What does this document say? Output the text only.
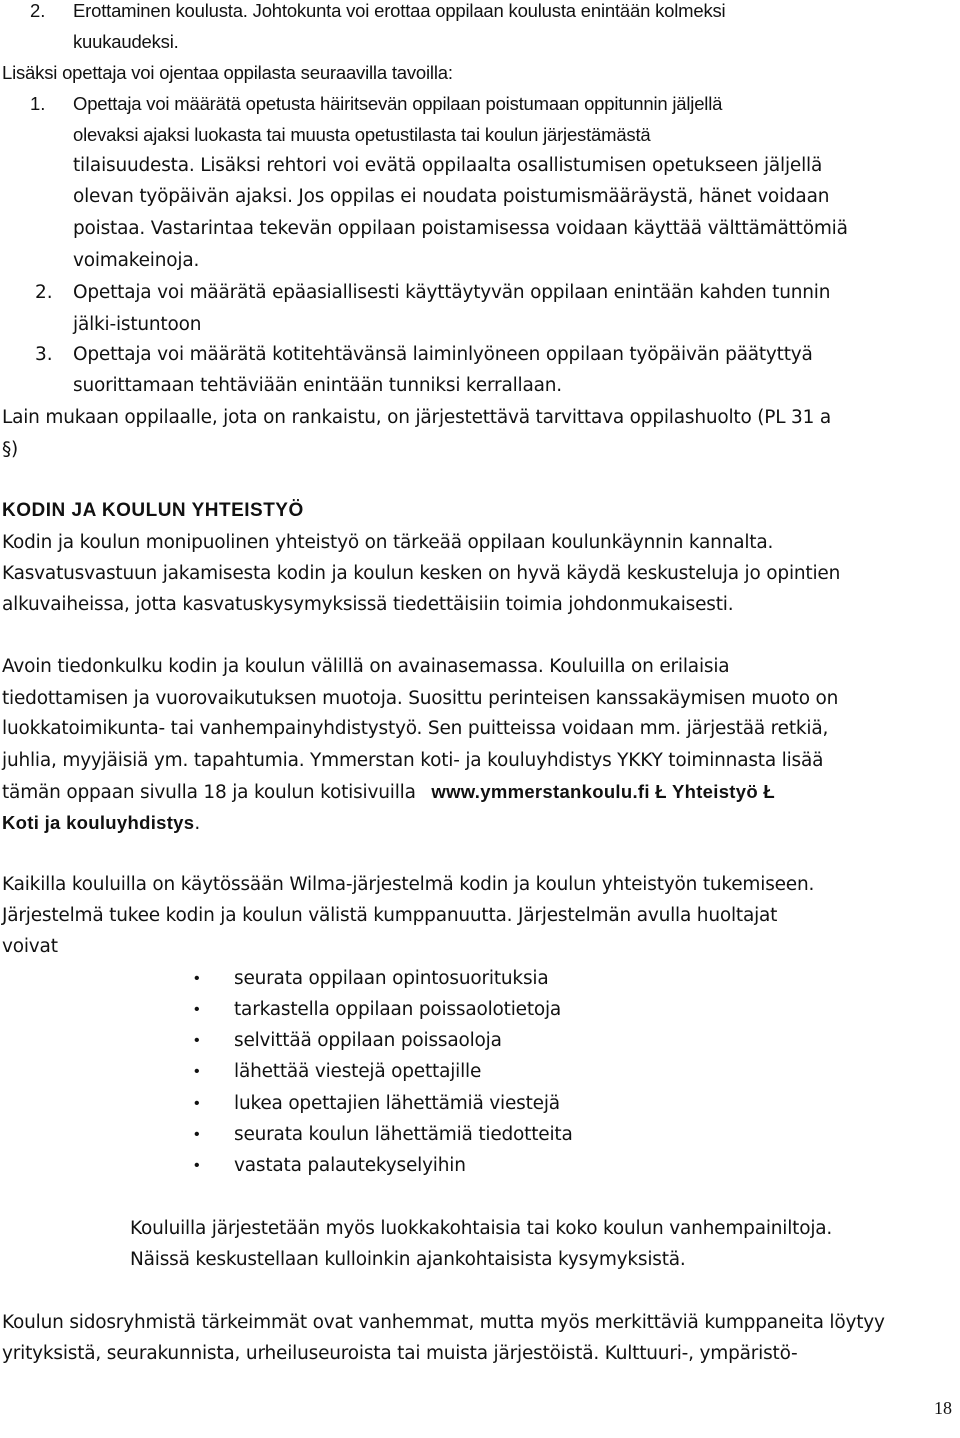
2. Erottaminen koulusta. Johtokunta voi erottaa oppilaan koulusta enintään kolmeksi
kuukaudeksi.
Lisäksi opettaja voi ojentaa oppilasta seuraavilla tavoilla:
1. Opettaja voi määrätä opetusta häiritsevän oppilaan poistumaan oppitunnin jäljellä
olevaksi ajaksi luokasta tai muusta opetustilasta tai koulun järjestämästä
tilaisuudesta. Lisäksi rehtori voi evätä oppilaalta osallistumisen opetukseen jäljellä
olevan työpäivän ajaksi. Jos oppilas ei noudata poistumismääräystä, hänet voidaan
poistaa. Vastarintaa tekevän oppilaan poistamisessa voidaan käyttää välttämättömiä
voimakeinoja.
2. Opettaja voi määrätä epäasiallisesti käyttäytyvän oppilaan enintään kahden tunnin
jälki-istuntoon
3. Opettaja voi määrätä kotitehtävänsä laiminlyöneen oppilaan työpäivän päätyttyä
suorittamaan tehtäviään enintään tunniksi kerrallaan.
Lain mukaan oppilaalle, jota on rankaistu, on järjestettävä tarvittava oppilashuolto (PL 31 a
§)
KODIN JA KOULUN YHTEISTYÖ
Kodin ja koulun monipuolinen yhteistyö on tärkeää oppilaan koulunkäynnin kannalta.
Kasvatusvastuun jakamisesta kodin ja koulun kesken on hyvä käydä keskusteluja jo opintien
alkuvaiheissa, jotta kasvatuskysymyksissä tiedettäisiin toimia johdonmukaisesti.
Avoin tiedonkulku kodin ja koulun välillä on avainasemassa. Kouluilla on erilaisia
tiedottamisen ja vuorovaikutuksen muotoja. Suosittu perinteisen kanssakäymisen muoto on
luokkatoimikunta- tai vanhempainyhdistystyö. Sen puitteissa voidaan mm. järjestää retkiä,
juhlia, myyjäisiä ym. tapahtumia. Ymmerstan koti- ja kouluyhdistys YKKY toiminnasta lisää
tämän oppaan sivulla 18 ja koulun kotisivuilla www.ymmerstankoulu.fi Ł Yhteistyö Ł
Koti ja kouluyhdistys.
Kaikilla kouluilla on käytössään Wilma-järjestelmä kodin ja koulun yhteistyön tukemiseen.
Järjestelmä tukee kodin ja koulun välistä kumppanuutta. Järjestelmän avulla huoltajat
voivat
• seurata oppilaan opintosuorituksia
• tarkastella oppilaan poissaolotietoja
• selvittää oppilaan poissaoloja
• lähettää viestejä opettajille
• lukea opettajien lähettämiä viestejä
• seurata koulun lähettämiä tiedotteita
• vastata palautekyselyihin
Kouluilla järjestetään myös luokkakohtaisia tai koko koulun vanhempainiltoja.
Näissä keskustellaan kulloinkin ajankohtaisista kysymyksistä.
Koulun sidosryhmistä tärkeimmät ovat vanhemmat, mutta myös merkittäviä kumppaneita löytyy
yrityksistä, seurakunnista, urheiluseuroista tai muista järjestöistä. Kulttuuri-, ympäristö-
18
